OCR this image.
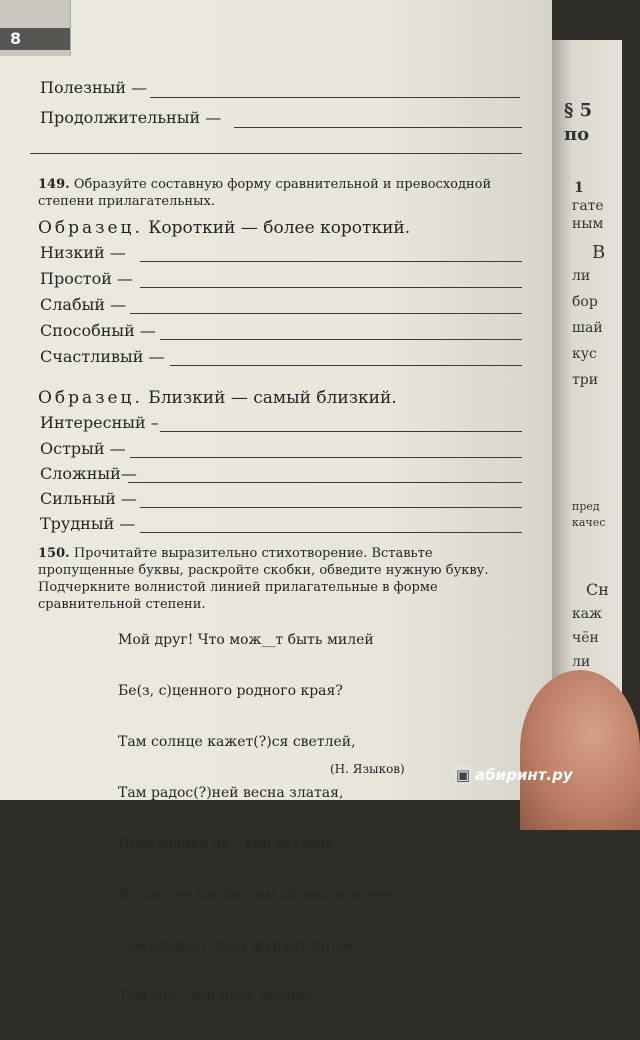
8
Полезный —
Продолжительный —
149. Образуйте составную форму сравнительной и превосходной степени прилагательных.
Образец. Короткий — более короткий.
Низкий —
Простой —
Слабый —
Способный —
Счастливый —
Образец. Близкий — самый близкий.
Интересный –
Острый —
Сложный—
Сильный —
Трудный —
150. Прочитайте выразительно стихотворение. Вставьте пропущенные буквы, раскройте скобки, обведите нужную букву. Подчеркните волнистой линией прилагательные в форме сравнительной степени.

Мой друг! Что мож__т быть милей

Бе(з, с)ценного родного края?

Там солнце кажет(?)ся светлей,

Там радос(?)ней весна златая,

Прохладней лё__кий ветерок,

Душистее цветы, там хо́лмы зеленее,

Там сладос(?)ней журчит поток,

Там сол__вей поёт звучнее...

(Н. Языков)
§ 5
по
1
гате
ным
В
ли
бор
шай
кус
три
пред
качес
Сн
каж
чён
ли
▣ абиринт.ру
